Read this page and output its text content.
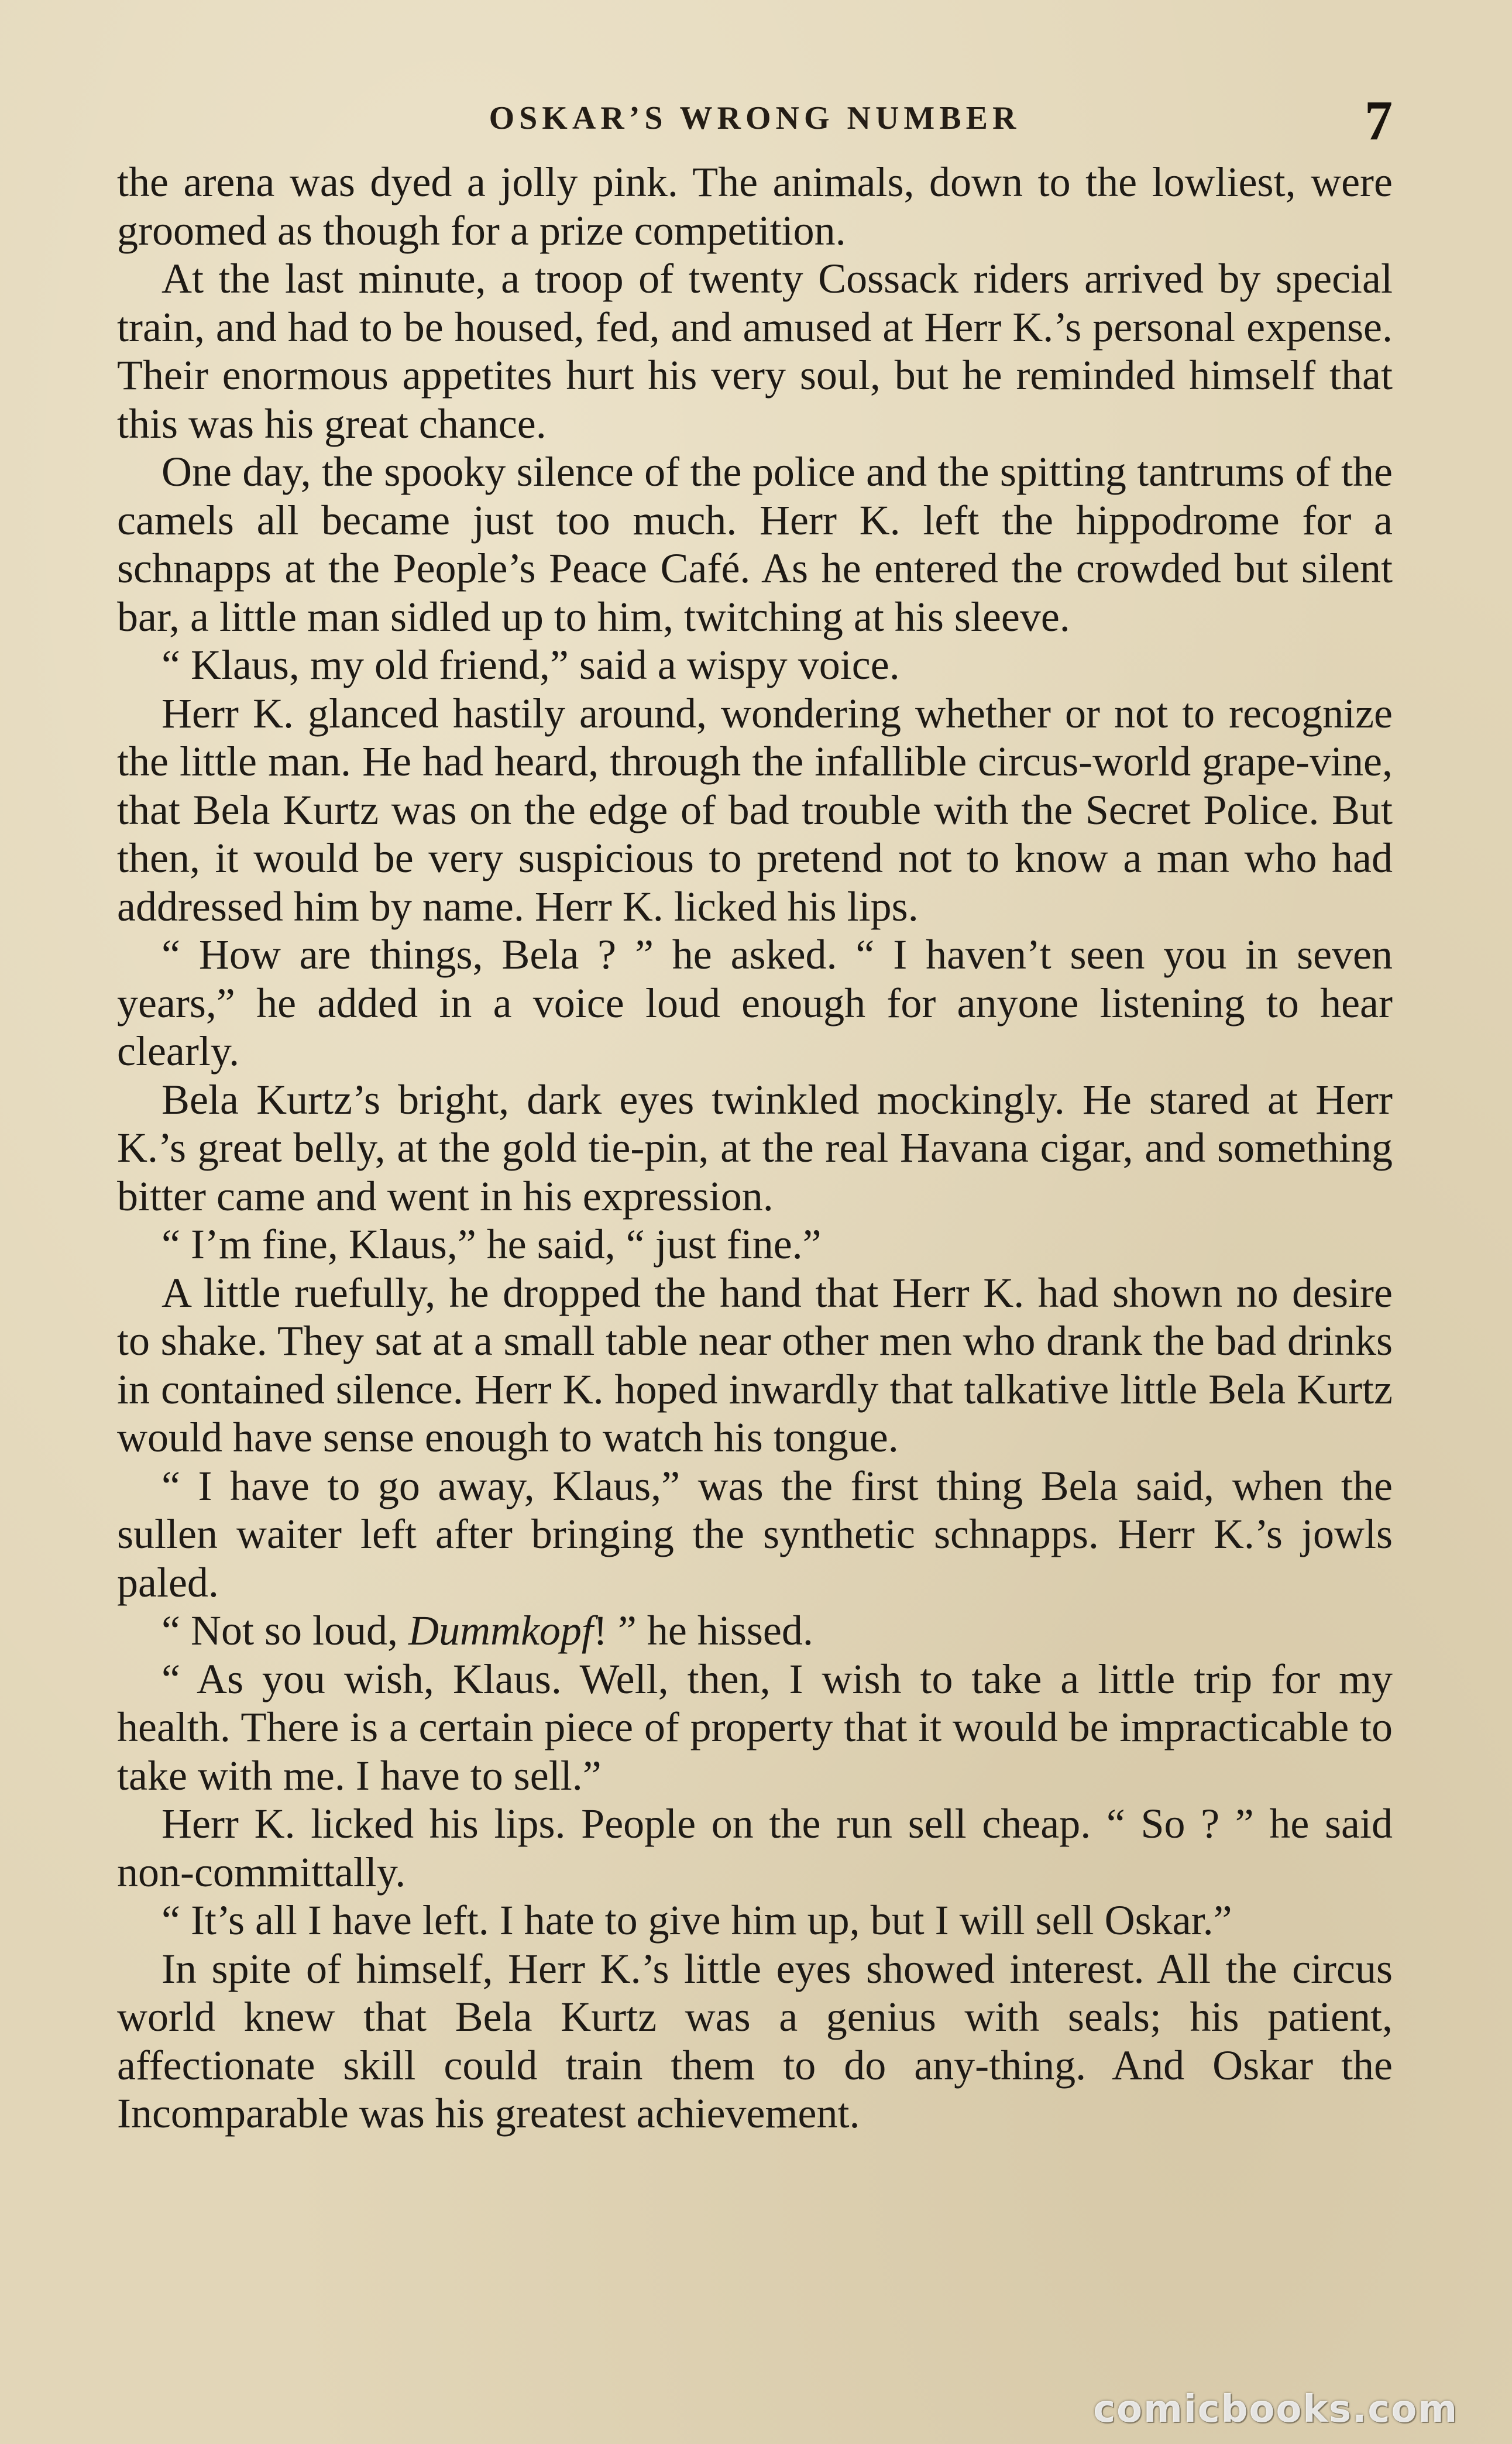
OSKAR’S WRONG NUMBER	7

the arena was dyed a jolly pink. The animals, down to the lowliest, were groomed as though for a prize competition.

At the last minute, a troop of twenty Cossack riders arrived by special train, and had to be housed, fed, and amused at Herr K.’s personal expense. Their enormous appetites hurt his very soul, but he reminded himself that this was his great chance.

One day, the spooky silence of the police and the spitting tantrums of the camels all became just too much. Herr K. left the hippodrome for a schnapps at the People’s Peace Café. As he entered the crowded but silent bar, a little man sidled up to him, twitching at his sleeve.

“ Klaus, my old friend,” said a wispy voice.

Herr K. glanced hastily around, wondering whether or not to recognize the little man. He had heard, through the infallible circus-world grape-vine, that Bela Kurtz was on the edge of bad trouble with the Secret Police. But then, it would be very suspicious to pretend not to know a man who had addressed him by name. Herr K. licked his lips.

“ How are things, Bela ? ” he asked. “ I haven’t seen you in seven years,” he added in a voice loud enough for anyone listening to hear clearly.

Bela Kurtz’s bright, dark eyes twinkled mockingly. He stared at Herr K.’s great belly, at the gold tie-pin, at the real Havana cigar, and something bitter came and went in his expression.

“ I’m fine, Klaus,” he said, “ just fine.”

A little ruefully, he dropped the hand that Herr K. had shown no desire to shake. They sat at a small table near other men who drank the bad drinks in contained silence. Herr K. hoped inwardly that talkative little Bela Kurtz would have sense enough to watch his tongue.

“ I have to go away, Klaus,” was the first thing Bela said, when the sullen waiter left after bringing the synthetic schnapps. Herr K.’s jowls paled.

“ Not so loud, Dummkopf! ” he hissed.

“ As you wish, Klaus. Well, then, I wish to take a little trip for my health. There is a certain piece of property that it would be impracticable to take with me. I have to sell.”

Herr K. licked his lips. People on the run sell cheap. “ So ? ” he said non-committally.

“ It’s all I have left. I hate to give him up, but I will sell Oskar.”

In spite of himself, Herr K.’s little eyes showed interest. All the circus world knew that Bela Kurtz was a genius with seals; his patient, affectionate skill could train them to do any-thing. And Oskar the Incomparable was his greatest achievement.

comicbooks.com
